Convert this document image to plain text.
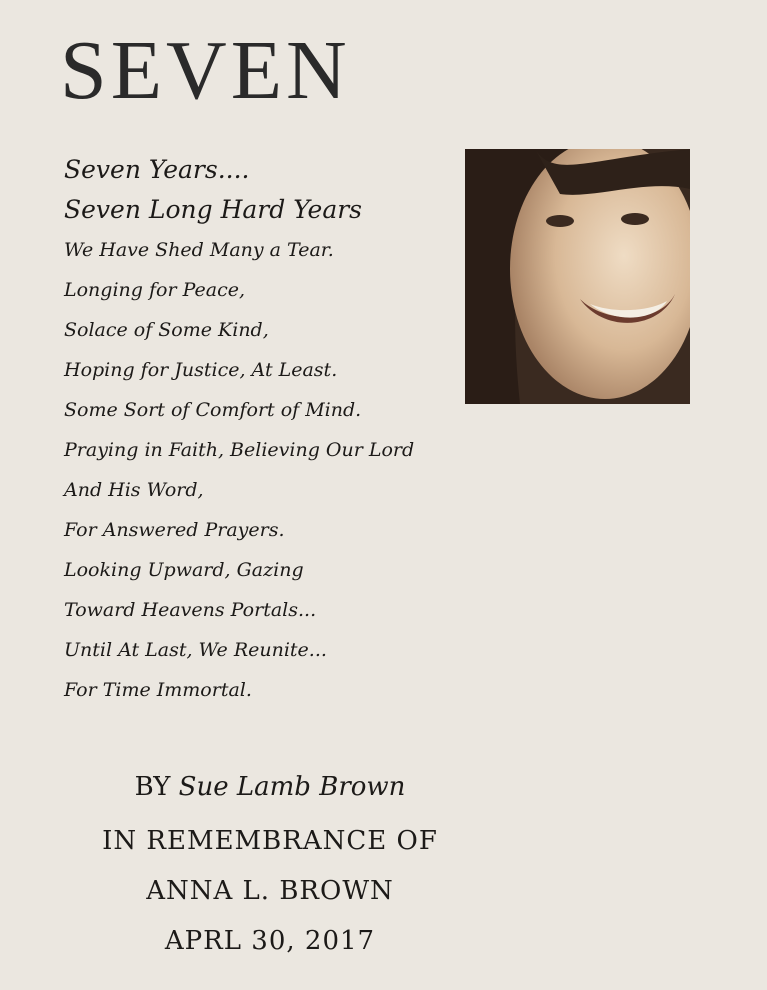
SEVEN
Seven Years....
Seven Long Hard Years
We Have Shed Many a Tear.
Longing for Peace,
Solace of Some Kind,
Hoping for Justice, At Least.
Some Sort of Comfort of Mind.
Praying in Faith, Believing Our Lord
And His Word,
For Answered Prayers.
Looking Upward, Gazing
Toward Heavens Portals...
Until At Last, We Reunite...
For Time Immortal.
BY Sue Lamb Brown
IN REMEMBRANCE OF
ANNA L. BROWN
APRL 30, 2017
